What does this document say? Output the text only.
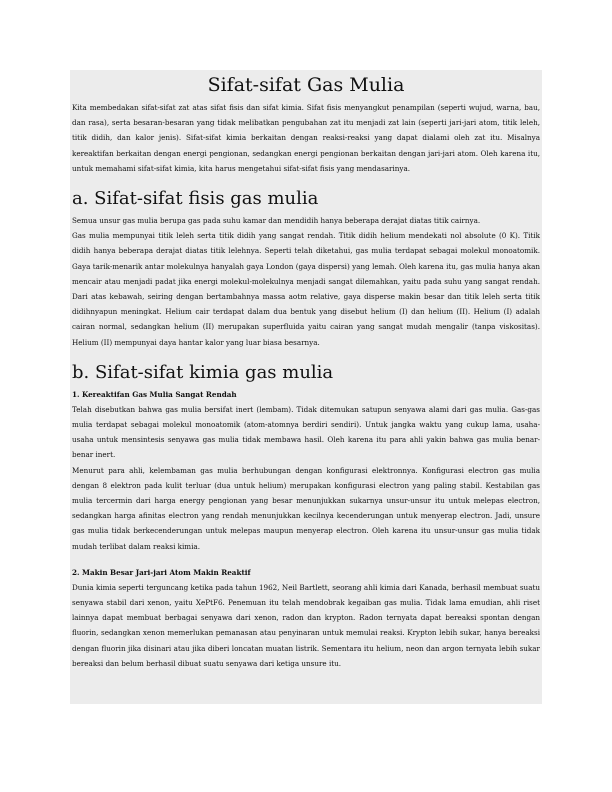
Sifat-sifat Gas Mulia

Kita membedakan sifat-sifat zat atas sifat fisis dan sifat kimia. Sifat fisis menyangkut penampilan (seperti wujud, warna, bau, dan rasa), serta besaran-besaran yang tidak melibatkan pengubahan zat itu menjadi zat lain (seperti jari-jari atom, titik leleh, titik didih, dan kalor jenis). Sifat-sifat kimia berkaitan dengan reaksi-reaksi yang dapat dialami oleh zat itu. Misalnya kereaktifan berkaitan dengan energi pengionan, sedangkan energi pengionan berkaitan dengan jari-jari atom. Oleh karena itu, untuk memahami sifat-sifat kimia, kita harus mengetahui sifat-sifat fisis yang mendasarinya.

a. Sifat-sifat fisis gas mulia

Semua unsur gas mulia berupa gas pada suhu kamar dan mendidih hanya beberapa derajat diatas titik cairnya.

Gas mulia mempunyai titik leleh serta titik didih yang sangat rendah. Titik didih helium mendekati nol absolute (0 K). Titik didih hanya beberapa derajat diatas titik lelehnya. Seperti telah diketahui, gas mulia terdapat sebagai molekul monoatomik. Gaya tarik-menarik antar molekulnya hanyalah gaya London (gaya dispersi) yang lemah. Oleh karena itu, gas mulia hanya akan mencair atau menjadi padat jika energi molekul-molekulnya menjadi sangat dilemahkan, yaitu pada suhu yang sangat rendah. Dari atas kebawah, seiring dengan bertambahnya massa aotm relative, gaya disperse makin besar dan titik leleh serta titik didihnyapun meningkat. Helium cair terdapat dalam dua bentuk yang disebut helium (I) dan helium (II). Helium (I) adalah cairan normal, sedangkan helium (II) merupakan superfluida yaitu cairan yang sangat mudah mengalir (tanpa viskositas). Helium (II) mempunyai daya hantar kalor yang luar biasa besarnya.

b. Sifat-sifat kimia gas mulia
1. Kereaktifan Gas Mulia Sangat Rendah

Telah disebutkan bahwa gas mulia bersifat inert (lembam). Tidak ditemukan satupun senyawa alami dari gas mulia. Gas-gas mulia terdapat sebagai molekul monoatomik (atom-atomnya berdiri sendiri). Untuk jangka waktu yang cukup lama, usaha-usaha untuk mensintesis senyawa gas mulia tidak membawa hasil. Oleh karena itu para ahli yakin bahwa gas mulia benar-benar inert.

Menurut para ahli, kelembaman gas mulia berhubungan dengan konfigurasi elektronnya. Konfigurasi electron gas mulia dengan 8 elektron pada kulit terluar (dua untuk helium) merupakan konfigurasi electron yang paling stabil. Kestabilan gas mulia tercermin dari harga energy pengionan yang besar menunjukkan sukarnya unsur-unsur itu untuk melepas electron, sedangkan harga afinitas electron yang rendah menunjukkan kecilnya kecenderungan untuk menyerap electron. Jadi, unsure gas mulia tidak berkecenderungan untuk melepas maupun menyerap electron. Oleh karena itu unsur-unsur gas mulia tidak mudah terlibat dalam reaksi kimia.

2. Makin Besar Jari-jari Atom Makin Reaktif

Dunia kimia seperti terguncang ketika pada tahun 1962, Neil Bartlett, seorang ahli kimia dari Kanada, berhasil membuat suatu senyawa stabil dari xenon, yaitu XePtF6. Penemuan itu telah mendobrak kegaiban gas mulia. Tidak lama emudian, ahli riset lainnya dapat membuat berbagai senyawa dari xenon, radon dan krypton. Radon ternyata dapat bereaksi spontan dengan fluorin, sedangkan xenon memerlukan pemanasan atau penyinaran untuk memulai reaksi. Krypton lebih sukar, hanya bereaksi dengan fluorin jika disinari atau jika diberi loncatan muatan listrik. Sementara itu helium, neon dan argon ternyata lebih sukar bereaksi dan belum berhasil dibuat suatu senyawa dari ketiga unsure itu.
